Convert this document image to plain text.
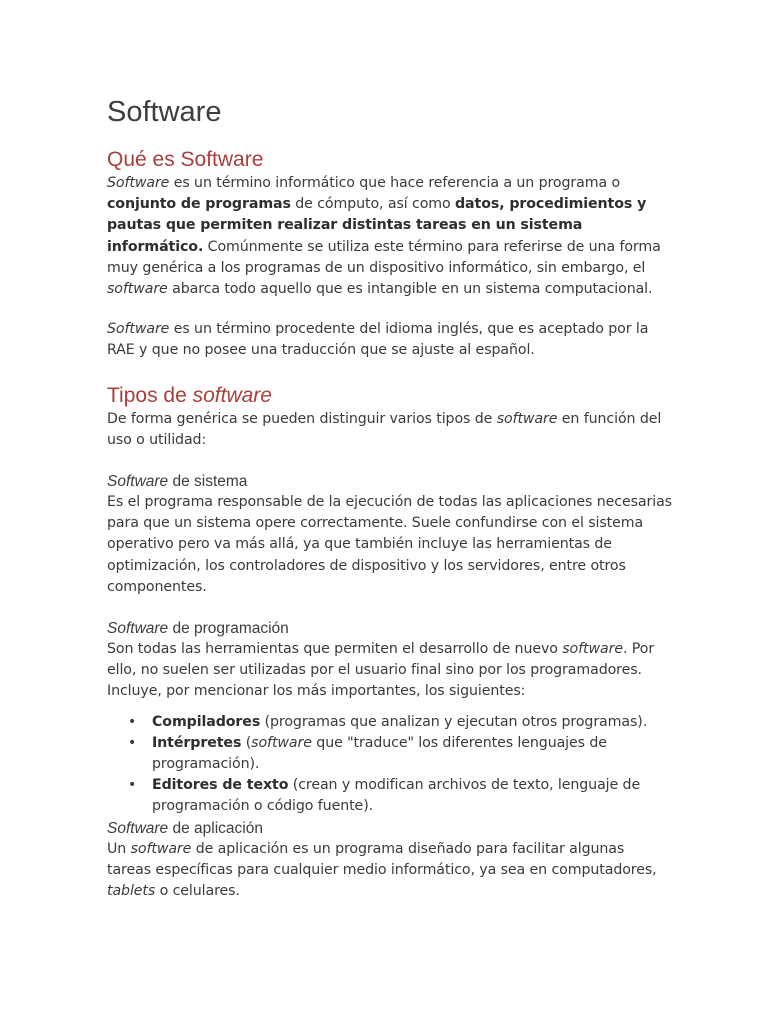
Software
Qué es Software

Software es un término informático que hace referencia a un programa o conjunto de programas de cómputo, así como datos, procedimientos y pautas que permiten realizar distintas tareas en un sistema informático. Comúnmente se utiliza este término para referirse de una forma muy genérica a los programas de un dispositivo informático, sin embargo, el software abarca todo aquello que es intangible en un sistema computacional.

Software es un término procedente del idioma inglés, que es aceptado por la RAE y que no posee una traducción que se ajuste al español.

Tipos de software

De forma genérica se pueden distinguir varios tipos de software en función del uso o utilidad:

Software de sistema

Es el programa responsable de la ejecución de todas las aplicaciones necesarias para que un sistema opere correctamente. Suele confundirse con el sistema operativo pero va más allá, ya que también incluye las herramientas de optimización, los controladores de dispositivo y los servidores, entre otros componentes.

Software de programación

Son todas las herramientas que permiten el desarrollo de nuevo software. Por ello, no suelen ser utilizadas por el usuario final sino por los programadores. Incluye, por mencionar los más importantes, los siguientes:

• Compiladores (programas que analizan y ejecutan otros programas).
• Intérpretes (software que "traduce" los diferentes lenguajes de programación).
• Editores de texto (crean y modifican archivos de texto, lenguaje de programación o código fuente).
Software de aplicación

Un software de aplicación es un programa diseñado para facilitar algunas tareas específicas para cualquier medio informático, ya sea en computadores, tablets o celulares.
